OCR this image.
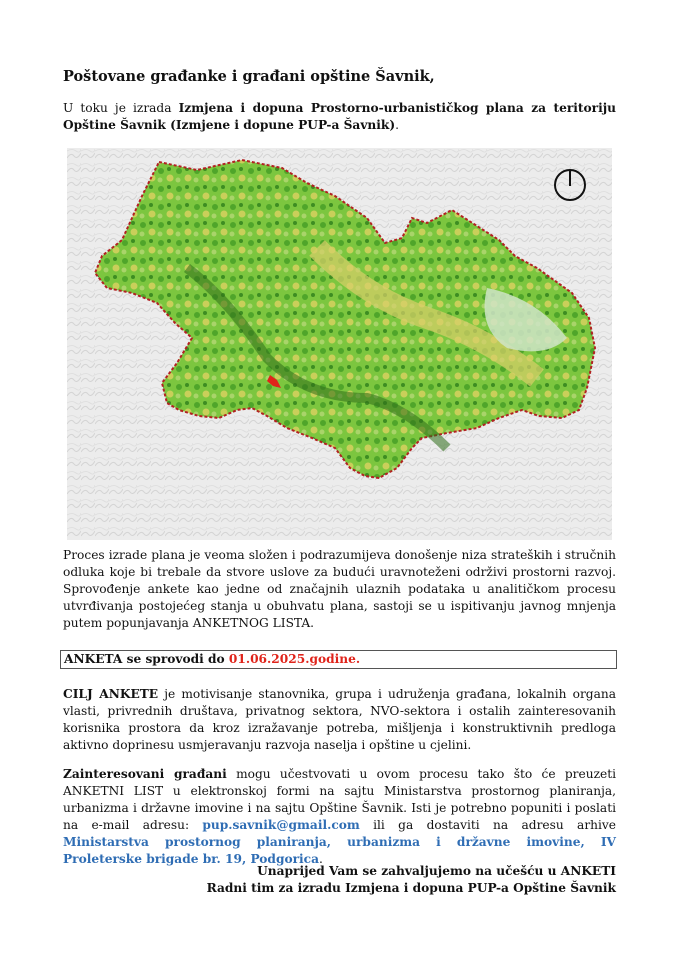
Poštovane građanke i građani opštine Šavnik,
U toku je izrada Izmjena i dopuna Prostorno-urbanističkog plana za teritoriju Opštine Šavnik (Izmjene i dopune PUP-a Šavnik).

Proces izrade plana je veoma složen i podrazumijeva donošenje niza strateških i stručnih odluka koje bi trebale da stvore uslove za budući uravnoteženi održivi prostorni razvoj. Sprovođenje ankete kao jedne od značajnih ulaznih podataka u analitičkom procesu utvrđivanja postojećeg stanja u obuhvatu plana, sastoji se u ispitivanju javnog mnjenja putem popunjavanja ANKETNOG LISTA.

ANKETA se sprovodi do 01.06.2025.godine.

CILJ ANKETE je motivisanje stanovnika, grupa i udruženja građana, lokalnih organa vlasti, privrednih društava, privatnog sektora, NVO-sektora i ostalih zainteresovanih korisnika prostora da kroz izražavanje potreba, mišljenja i konstruktivnih predloga aktivno doprinesu usmjeravanju razvoja naselja i opštine u cjelini.

Zainteresovani građani mogu učestvovati u ovom procesu tako što će preuzeti ANKETNI LIST u elektronskoj formi na sajtu Ministarstva prostornog planiranja, urbanizma i državne imovine i na sajtu Opštine Šavnik. Isti je potrebno popuniti i poslati na e-mail adresu: pup.savnik@gmail.com ili ga dostaviti na adresu arhive Ministarstva prostornog planiranja, urbanizma i državne imovine, IV Proleterske brigade br. 19, Podgorica.

Unaprijed Vam se zahvaljujemo na učešću u ANKETI
Radni tim za izradu Izmjena i dopuna PUP-a Opštine Šavnik
